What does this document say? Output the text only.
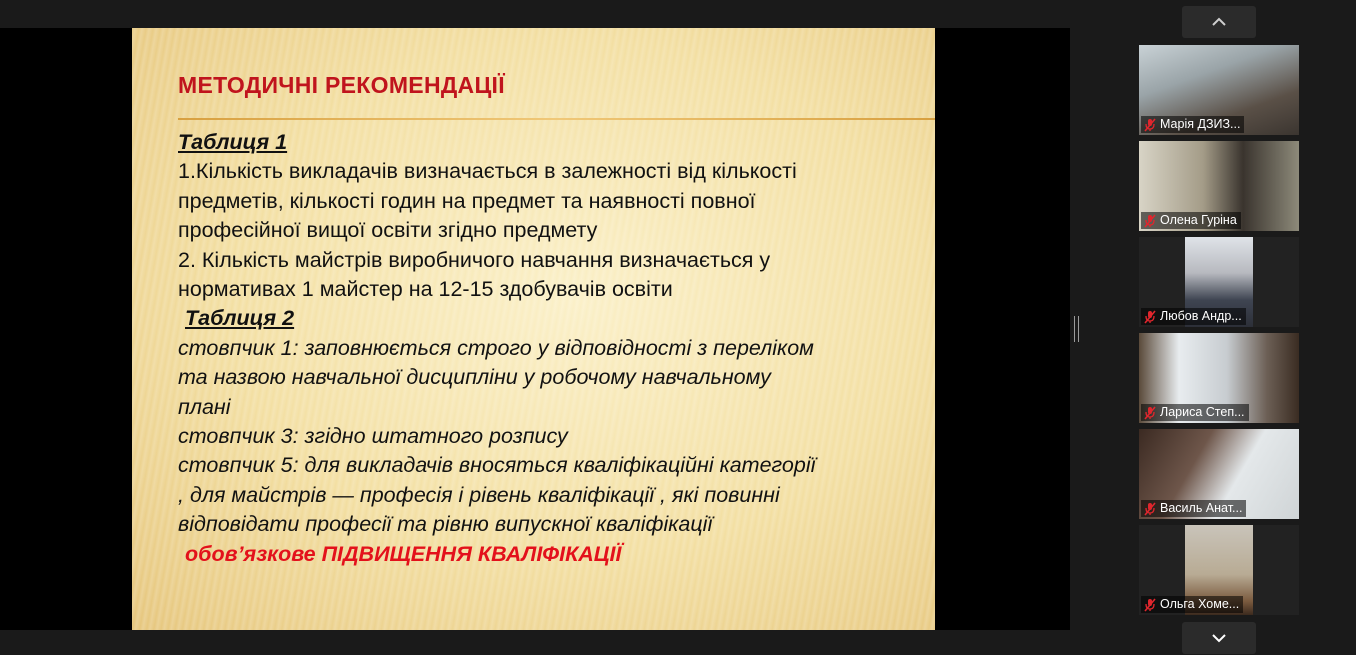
МЕТОДИЧНІ РЕКОМЕНДАЦІЇ
Таблиця 1
1.Кількість викладачів визначається в залежності від кількості
предметів, кількості годин на предмет та наявності повної
професійної вищої освіти згідно предмету
2. Кількість майстрів виробничого навчання визначається у
нормативах 1 майстер на 12-15 здобувачів освіти
Таблиця 2
стовпчик 1: заповнюється строго у відповідності з переліком
та назвою навчальної дисципліни у робочому навчальному
плані
стовпчик 3: згідно штатного розпису
стовпчик 5: для викладачів вносяться кваліфікаційні категорії
, для майстрів — професія і рівень кваліфікації , які повинні
відповідати професії та рівню випускної кваліфікації
обов’язкове ПІДВИЩЕННЯ КВАЛІФІКАЦІЇ
Марія ДЗИЗ...
Олена Гуріна
Любов Андр...
Лариса Степ...
Василь Анат...
Ольга Хоме...
